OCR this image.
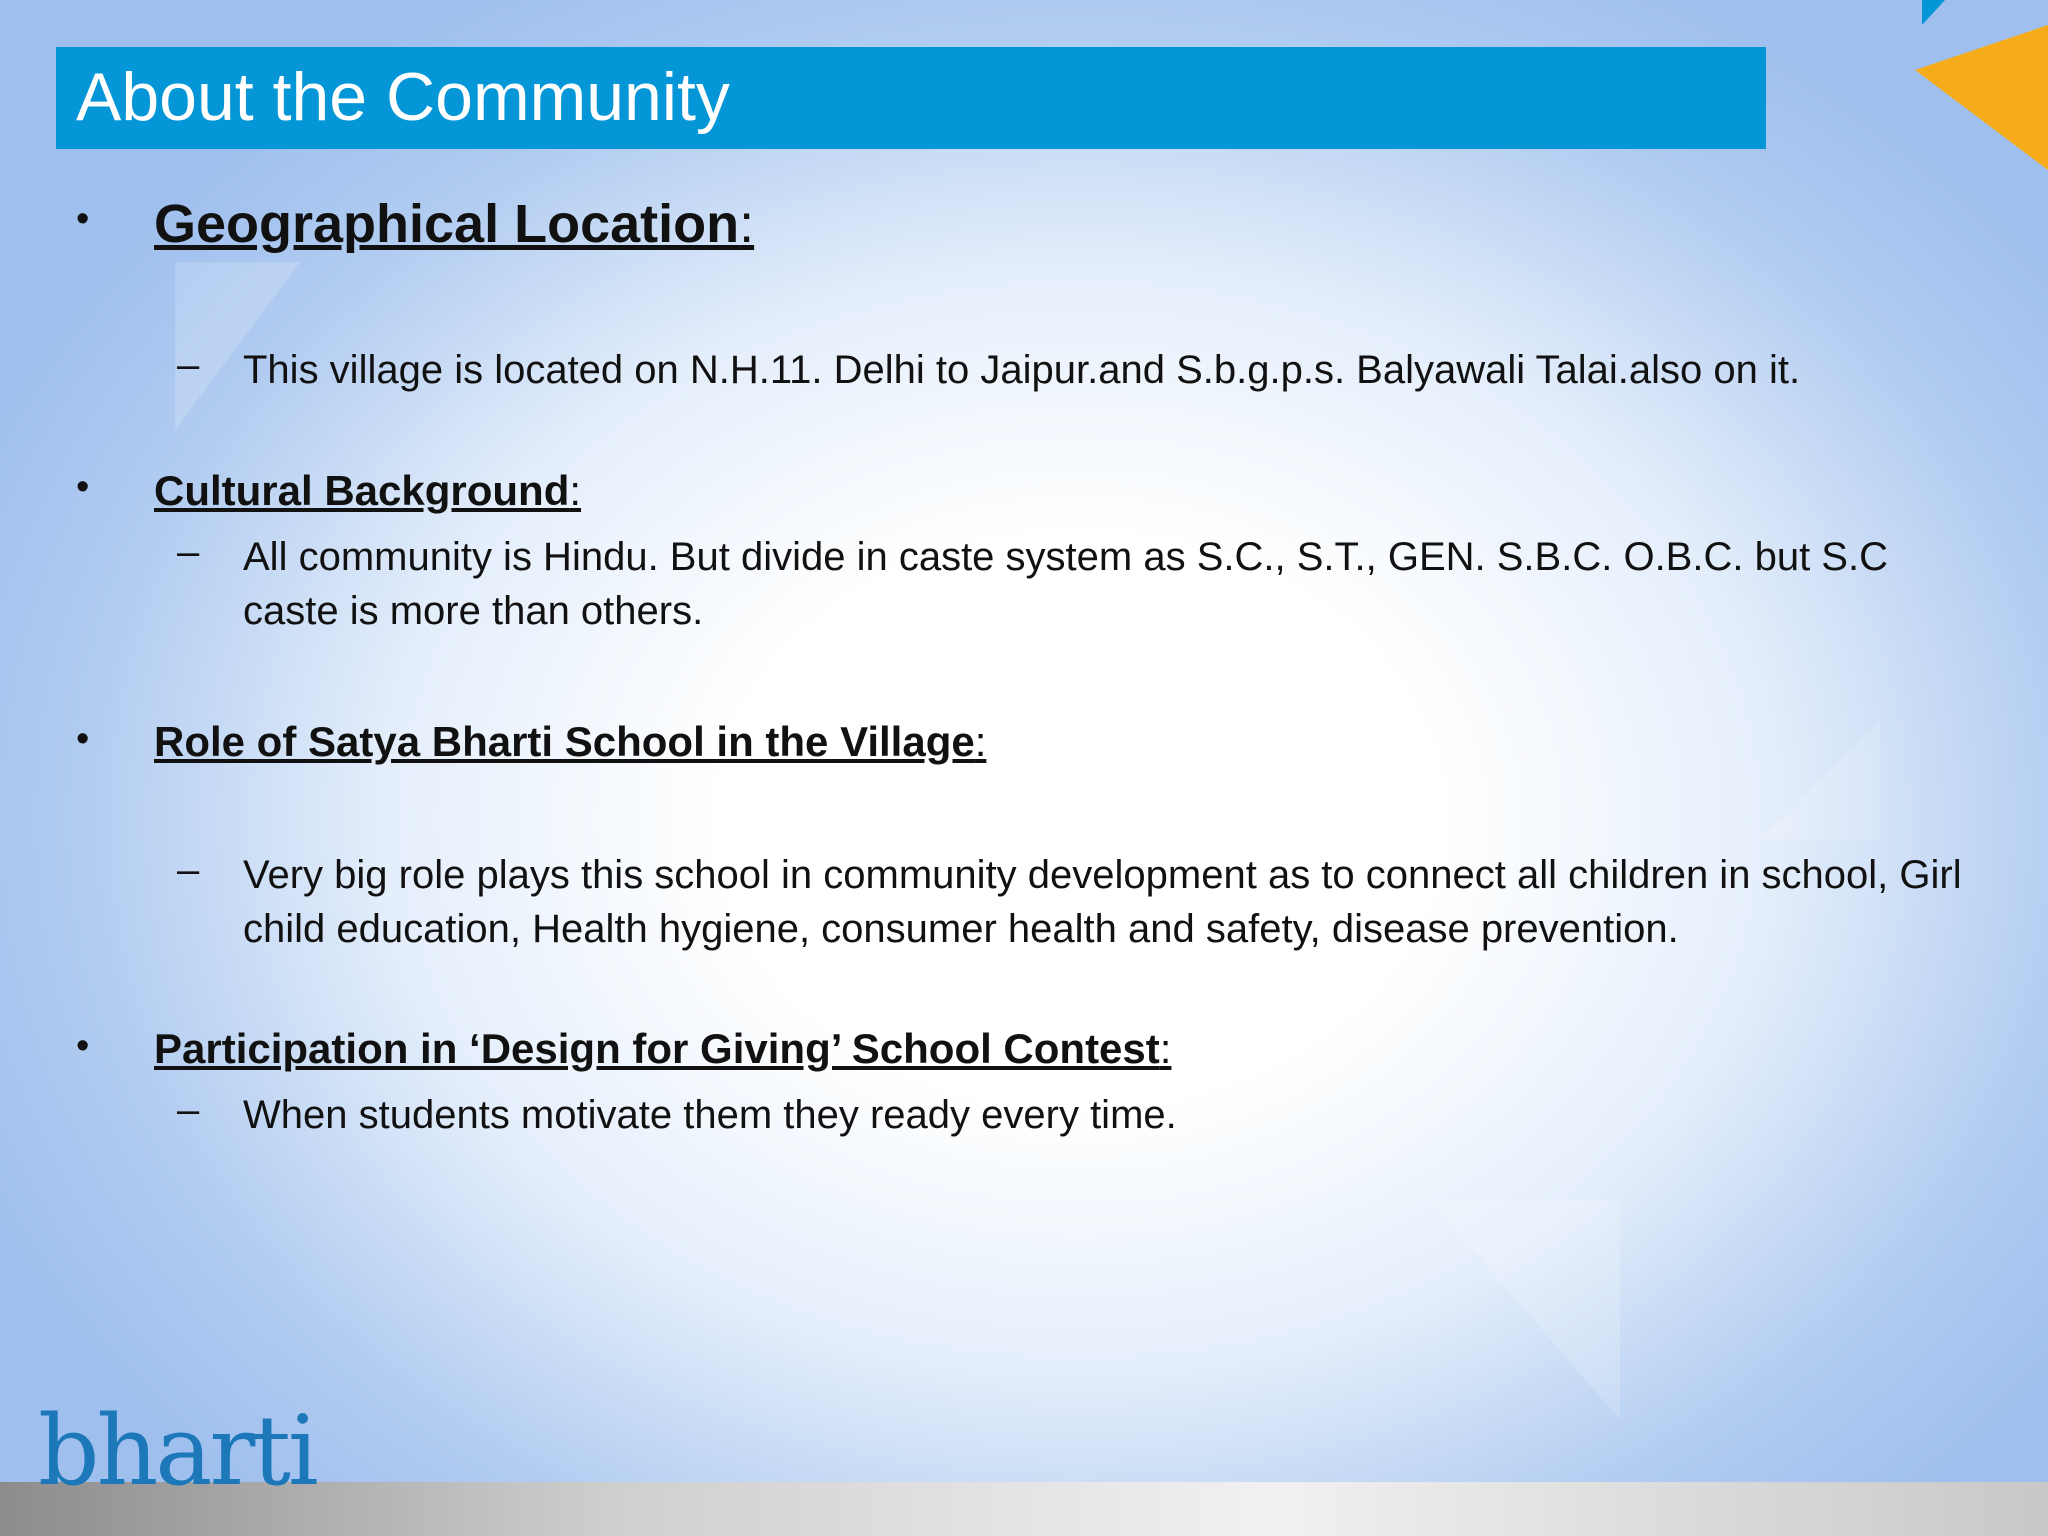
About the Community
• Geographical Location:
– This village is located on N.H.11. Delhi to Jaipur.and S.b.g.p.s. Balyawali Talai.also on it.
• Cultural Background:
– All community is Hindu. But divide in caste system as S.C., S.T., GEN. S.B.C. O.B.C. but S.C caste is more than others.
• Role of Satya Bharti School in the Village:
– Very big role plays this school in community development as to connect all children in school, Girl child education, Health hygiene, consumer health and safety, disease prevention.
• Participation in ‘Design for Giving’ School Contest:
– When students motivate them they ready every time.
bharti
